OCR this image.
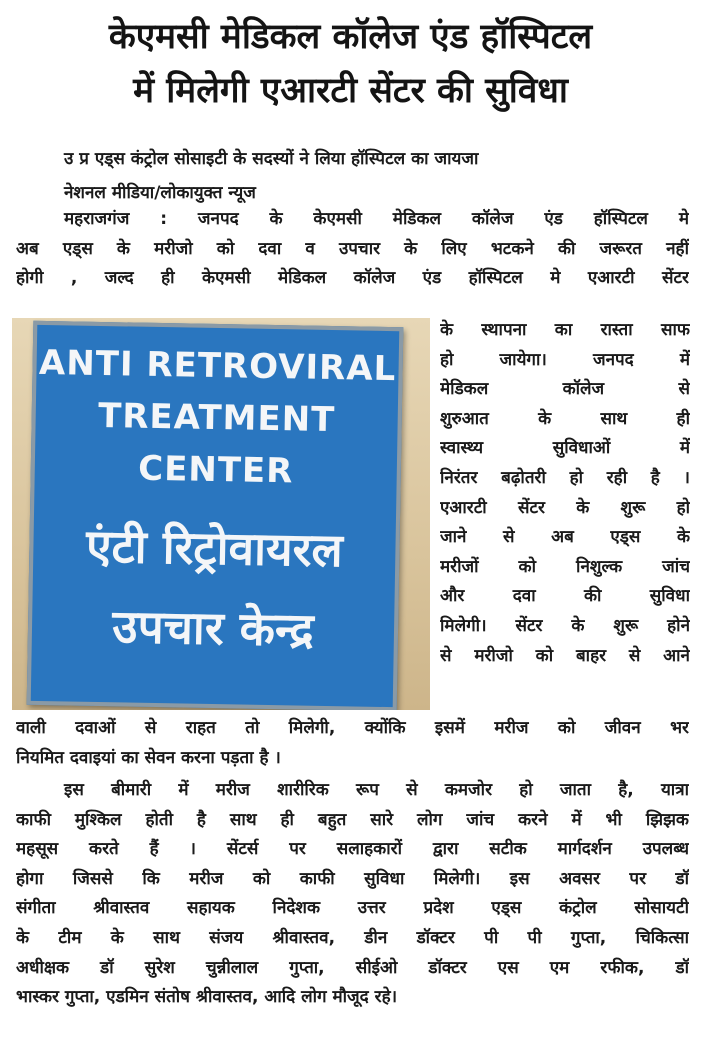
केएमसी मेडिकल कॉलेज एंड हॉस्पिटल
में मिलेगी एआरटी सेंटर की सुविधा
उ प्र एड्स कंट्रोल सोसाइटी के सदस्यों ने लिया हॉस्पिटल का जायजा
नेशनल मीडिया/लोकायुक्त न्यूज
महराजगंज : जनपद के केएमसी मेडिकल कॉलेज एंड हॉस्पिटल मे
अब एड्स के मरीजो को दवा व उपचार के लिए भटकने की जरूरत नहीं
होगी , जल्द ही केएमसी मेडिकल कॉलेज एंड हॉस्पिटल मे एआरटी सेंटर
ANTI RETROVIRAL
TREATMENT
CENTER
एंटी रिट्रोवायरल
उपचार केन्द्र
के स्थापना का रास्ता साफ
हो जायेगा। जनपद में
मेडिकल कॉलेज से
शुरुआत के साथ ही
स्वास्थ्य सुविधाओं में
निरंतर बढ़ोतरी हो रही है ।
एआरटी सेंटर के शुरू हो
जाने से अब एड्स के
मरीजों को निशुल्क जांच
और दवा की सुविधा
मिलेगी। सेंटर के शुरू होने
से मरीजो को बाहर से आने
वाली दवाओं से राहत तो मिलेगी, क्योंकि इसमें मरीज को जीवन भर
नियमित दवाइयां का सेवन करना पड़ता है ।
इस बीमारी में मरीज शारीरिक रूप से कमजोर हो जाता है, यात्रा
काफी मुश्किल होती है साथ ही बहुत सारे लोग जांच करने में भी झिझक
महसूस करते हैं । सेंटर्स पर सलाहकारों द्वारा सटीक मार्गदर्शन उपलब्ध
होगा जिससे कि मरीज को काफी सुविधा मिलेगी। इस अवसर पर डॉ
संगीता श्रीवास्तव सहायक निदेशक उत्तर प्रदेश एड्स कंट्रोल सोसायटी
के टीम के साथ संजय श्रीवास्तव, डीन डॉक्टर पी पी गुप्ता, चिकित्सा
अधीक्षक डॉ सुरेश चुन्नीलाल गुप्ता, सीईओ डॉक्टर एस एम रफीक, डॉ
भास्कर गुप्ता, एडमिन संतोष श्रीवास्तव, आदि लोग मौजूद रहे।
